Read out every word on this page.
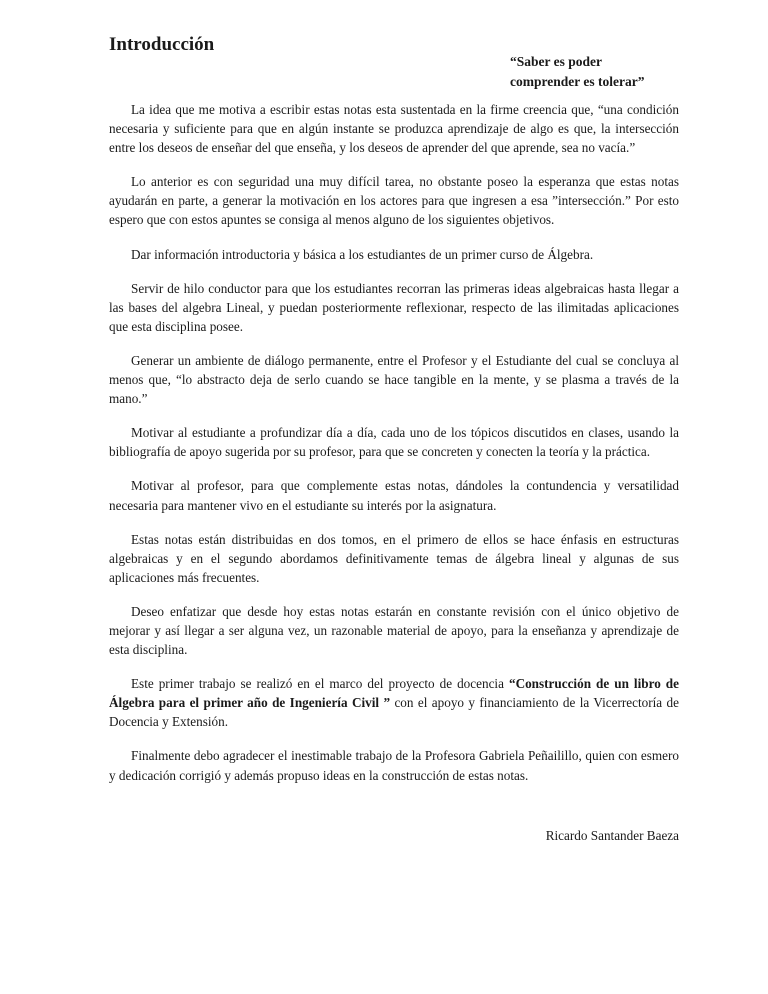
Introducción
“Saber es poder
comprender es tolerar”

La idea que me motiva a escribir estas notas esta sustentada en la firme creencia que, “una condición necesaria y suficiente para que en algún instante se produzca aprendizaje de algo es que, la intersección entre los deseos de enseñar del que enseña, y los deseos de aprender del que aprende, sea no vacía.”

Lo anterior es con seguridad una muy difícil tarea, no obstante poseo la esperanza que estas notas ayudarán en parte, a generar la motivación en los actores para que ingresen a esa ”intersección.” Por esto espero que con estos apuntes se consiga al menos alguno de los siguientes objetivos.

Dar información introductoria y básica a los estudiantes de un primer curso de Álgebra.

Servir de hilo conductor para que los estudiantes recorran las primeras ideas algebraicas hasta llegar a las bases del algebra Lineal, y puedan posteriormente reflexionar, respecto de las ilimitadas aplicaciones que esta disciplina posee.

Generar un ambiente de diálogo permanente, entre el Profesor y el Estudiante del cual se concluya al menos que, “lo abstracto deja de serlo cuando se hace tangible en la mente, y se plasma a través de la mano.”

Motivar al estudiante a profundizar día a día, cada uno de los tópicos discutidos en clases, usando la bibliografía de apoyo sugerida por su profesor, para que se concreten y conecten la teoría y la práctica.

Motivar al profesor, para que complemente estas notas, dándoles la contundencia y versatilidad necesaria para mantener vivo en el estudiante su interés por la asignatura.

Estas notas están distribuidas en dos tomos, en el primero de ellos se hace énfasis en estructuras algebraicas y en el segundo abordamos definitivamente temas de álgebra lineal y algunas de sus aplicaciones más frecuentes.

Deseo enfatizar que desde hoy estas notas estarán en constante revisión con el único objetivo de mejorar y así llegar a ser alguna vez, un razonable material de apoyo, para la enseñanza y aprendizaje de esta disciplina.

Este primer trabajo se realizó en el marco del proyecto de docencia “Construcción de un libro de Álgebra para el primer año de Ingeniería Civil ” con el apoyo y financiamiento de la Vicerrectoría de Docencia y Extensión.

Finalmente debo agradecer el inestimable trabajo de la Profesora Gabriela Peñailillo, quien con esmero y dedicación corrigió y además propuso ideas en la construcción de estas notas.

Ricardo Santander Baeza
